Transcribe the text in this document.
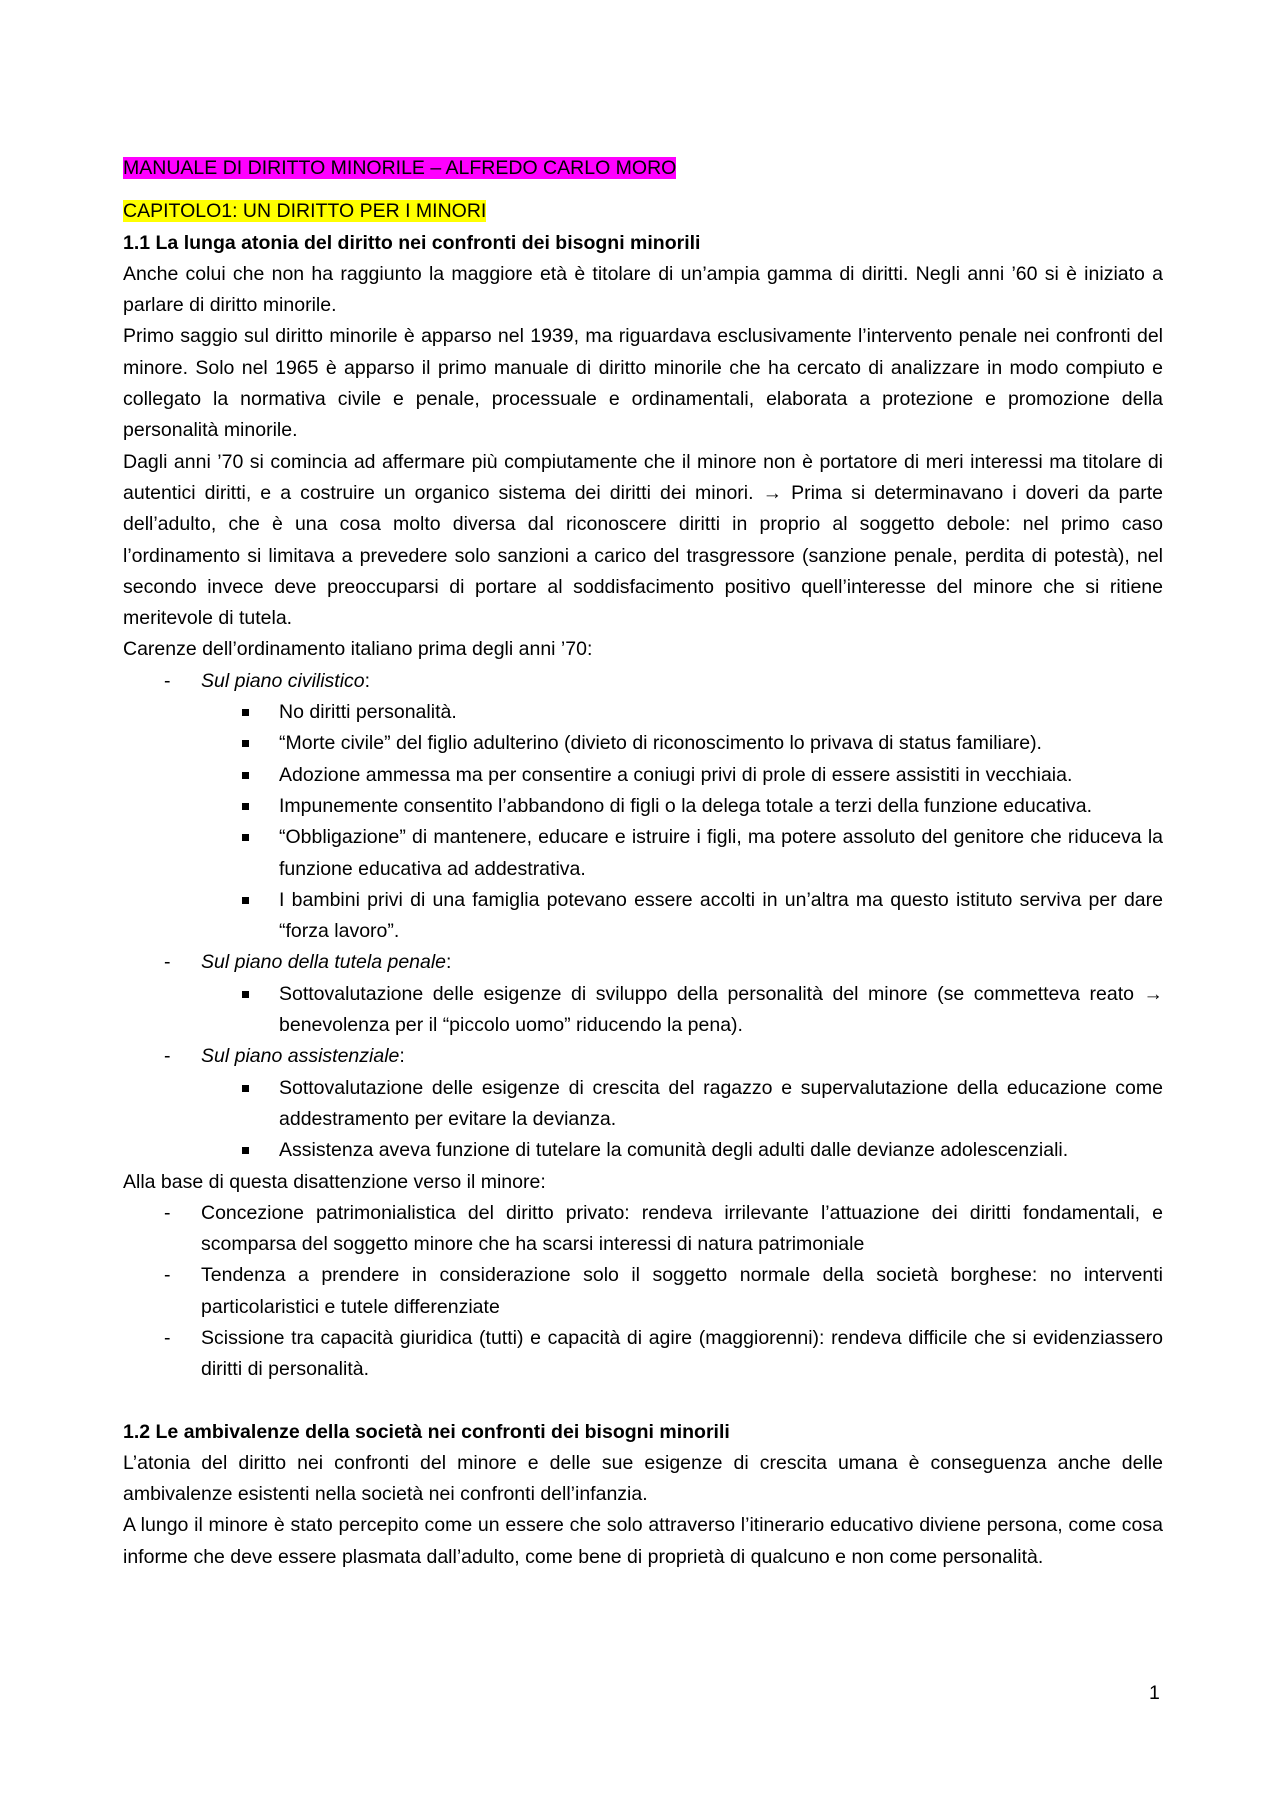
MANUALE DI DIRITTO MINORILE – ALFREDO CARLO MORO

CAPITOLO1: UN DIRITTO PER I MINORI

1.1 La lunga atonia del diritto nei confronti dei bisogni minorili

Anche colui che non ha raggiunto la maggiore età è titolare di un’ampia gamma di diritti. Negli anni ’60 si è iniziato a parlare di diritto minorile.

Primo saggio sul diritto minorile è apparso nel 1939, ma riguardava esclusivamente l’intervento penale nei confronti del minore. Solo nel 1965 è apparso il primo manuale di diritto minorile che ha cercato di analizzare in modo compiuto e collegato la normativa civile e penale, processuale e ordinamentali, elaborata a protezione e promozione della personalità minorile.

Dagli anni ’70 si comincia ad affermare più compiutamente che il minore non è portatore di meri interessi ma titolare di autentici diritti, e a costruire un organico sistema dei diritti dei minori. → Prima si determinavano i doveri da parte dell’adulto, che è una cosa molto diversa dal riconoscere diritti in proprio al soggetto debole: nel primo caso l’ordinamento si limitava a prevedere solo sanzioni a carico del trasgressore (sanzione penale, perdita di potestà), nel secondo invece deve preoccuparsi di portare al soddisfacimento positivo quell’interesse del minore che si ritiene meritevole di tutela.

Carenze dell’ordinamento italiano prima degli anni ’70:

- Sul piano civilistico:
No diritti personalità.
“Morte civile” del figlio adulterino (divieto di riconoscimento lo privava di status familiare).
Adozione ammessa ma per consentire a coniugi privi di prole di essere assistiti in vecchiaia.
Impunemente consentito l’abbandono di figli o la delega totale a terzi della funzione educativa.
“Obbligazione” di mantenere, educare e istruire i figli, ma potere assoluto del genitore che riduceva la funzione educativa ad addestrativa.
I bambini privi di una famiglia potevano essere accolti in un’altra ma questo istituto serviva per dare “forza lavoro”.
- Sul piano della tutela penale:
Sottovalutazione delle esigenze di sviluppo della personalità del minore (se commetteva reato → benevolenza per il “piccolo uomo” riducendo la pena).
- Sul piano assistenziale:
Sottovalutazione delle esigenze di crescita del ragazzo e supervalutazione della educazione come addestramento per evitare la devianza.
Assistenza aveva funzione di tutelare la comunità degli adulti dalle devianze adolescenziali.

Alla base di questa disattenzione verso il minore:

- Concezione patrimonialistica del diritto privato: rendeva irrilevante l’attuazione dei diritti fondamentali, e scomparsa del soggetto minore che ha scarsi interessi di natura patrimoniale
- Tendenza a prendere in considerazione solo il soggetto normale della società borghese: no interventi particolaristici e tutele differenziate
- Scissione tra capacità giuridica (tutti) e capacità di agire (maggiorenni): rendeva difficile che si evidenziassero diritti di personalità.

1.2 Le ambivalenze della società nei confronti dei bisogni minorili

L’atonia del diritto nei confronti del minore e delle sue esigenze di crescita umana è conseguenza anche delle ambivalenze esistenti nella società nei confronti dell’infanzia.

A lungo il minore è stato percepito come un essere che solo attraverso l’itinerario educativo diviene persona, come cosa informe che deve essere plasmata dall’adulto, come bene di proprietà di qualcuno e non come personalità.

1
